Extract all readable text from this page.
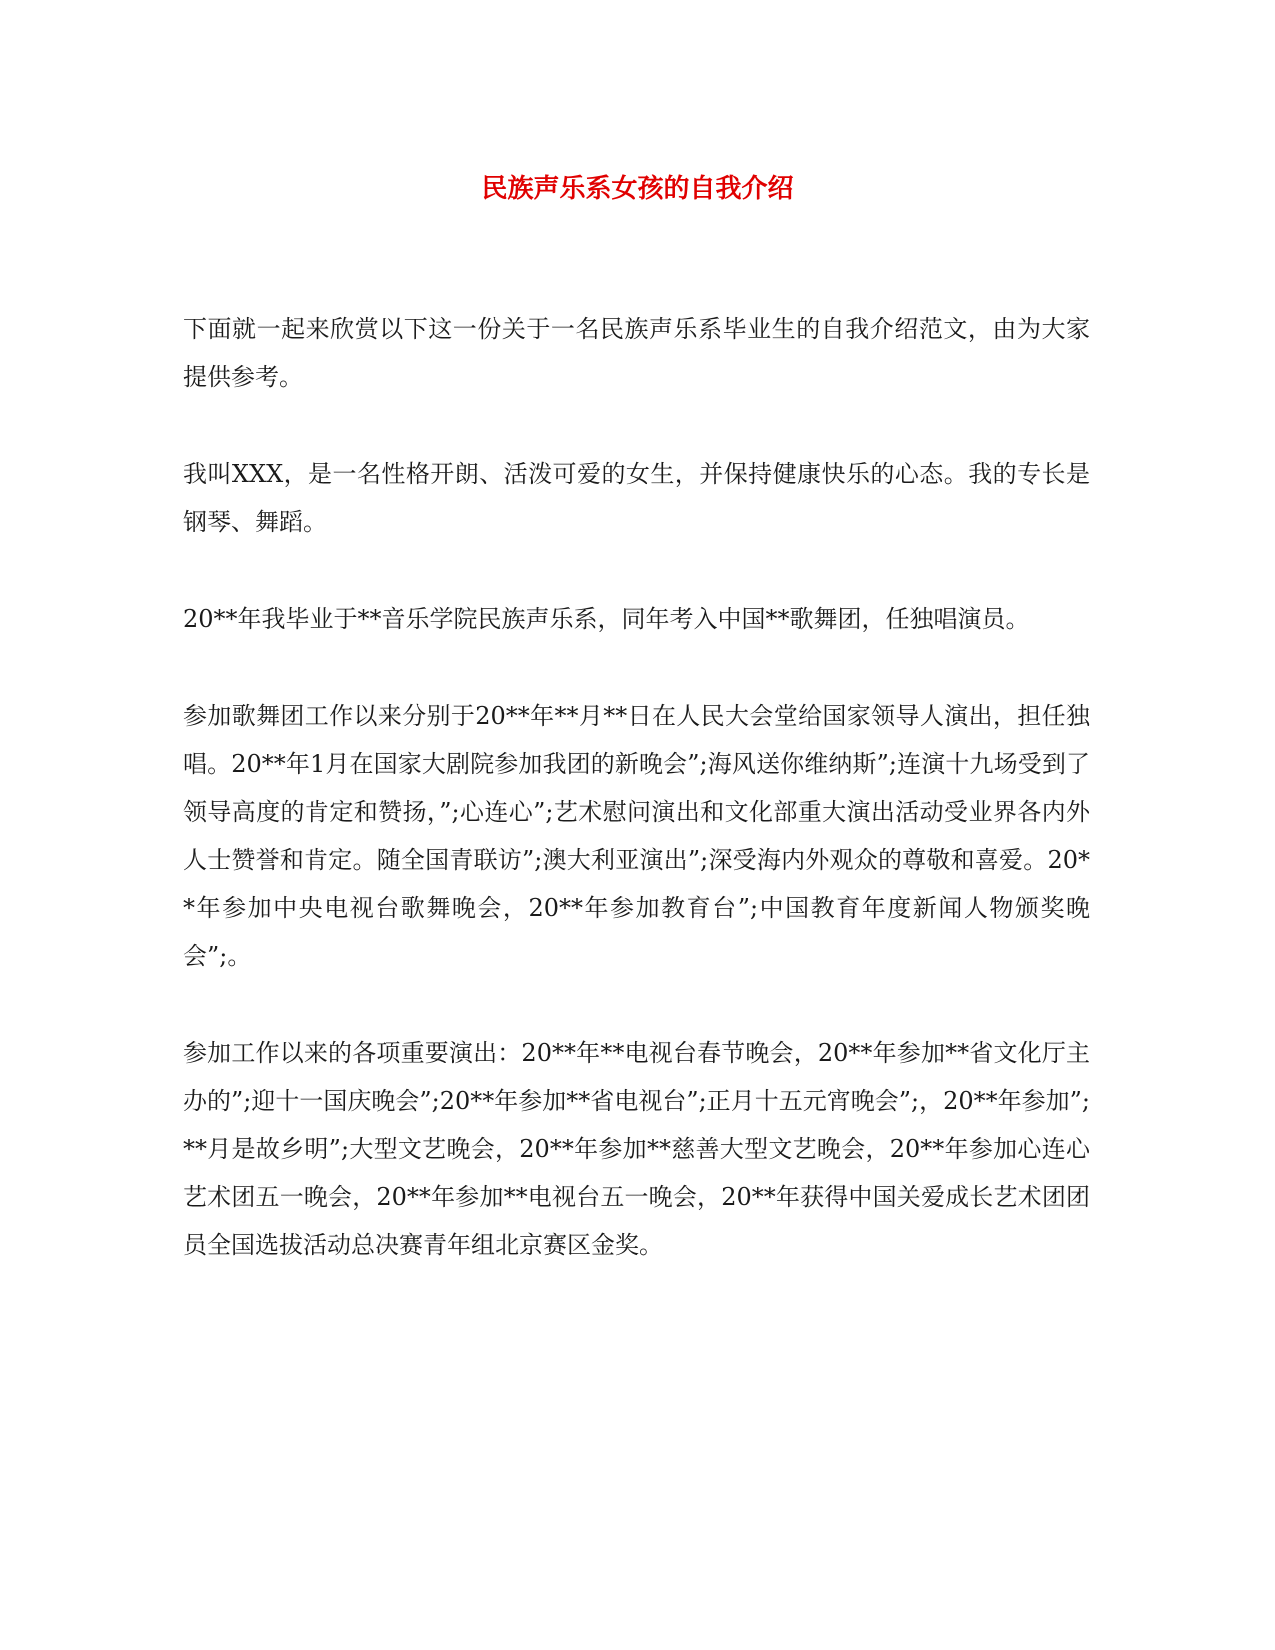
民族声乐系女孩的自我介绍

下面就一起来欣赏以下这一份关于一名民族声乐系毕业生的自我介绍范文，由为大家提供参考。

我叫XXX，是一名性格开朗、活泼可爱的女生，并保持健康快乐的心态。我的专长是钢琴、舞蹈。

20**年我毕业于**音乐学院民族声乐系，同年考入中国**歌舞团，任独唱演员。

参加歌舞团工作以来分别于20**年**月**日在人民大会堂给国家领导人演出，担任独唱。20**年1月在国家大剧院参加我团的新晚会”;海风送你维纳斯”;连演十九场受到了领导高度的肯定和赞扬，”;心连心”;艺术慰问演出和文化部重大演出活动受业界各内外人士赞誉和肯定。随全国青联访”;澳大利亚演出”;深受海内外观众的尊敬和喜爱。20**年参加中央电视台歌舞晚会，20**年参加教育台”;中国教育年度新闻人物颁奖晚会”;。

参加工作以来的各项重要演出：20**年**电视台春节晚会，20**年参加**省文化厅主办的”;迎十一国庆晚会”;20**年参加**省电视台”;正月十五元宵晚会”;，20**年参加”;**月是故乡明”;大型文艺晚会，20**年参加**慈善大型文艺晚会，20**年参加心连心艺术团五一晚会，20**年参加**电视台五一晚会，20**年获得中国关爱成长艺术团团员全国选拔活动总决赛青年组北京赛区金奖。
